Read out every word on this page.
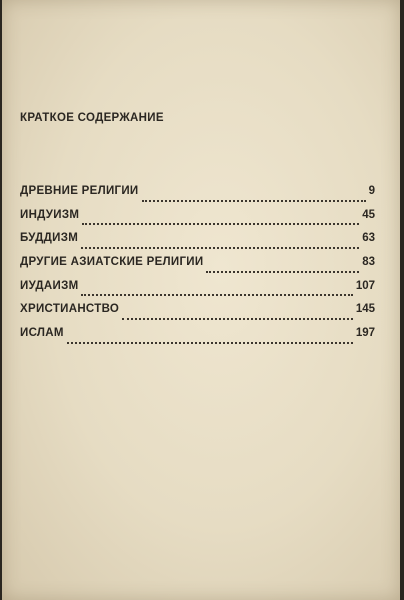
КРАТКОЕ СОДЕРЖАНИЕ
ДРЕВНИЕ РЕЛИГИИ	9
ИНДУИЗМ	45
БУДДИЗМ	63
ДРУГИЕ АЗИАТСКИЕ РЕЛИГИИ	83
ИУДАИЗМ	107
ХРИСТИАНСТВО	145
ИСЛАМ	197
